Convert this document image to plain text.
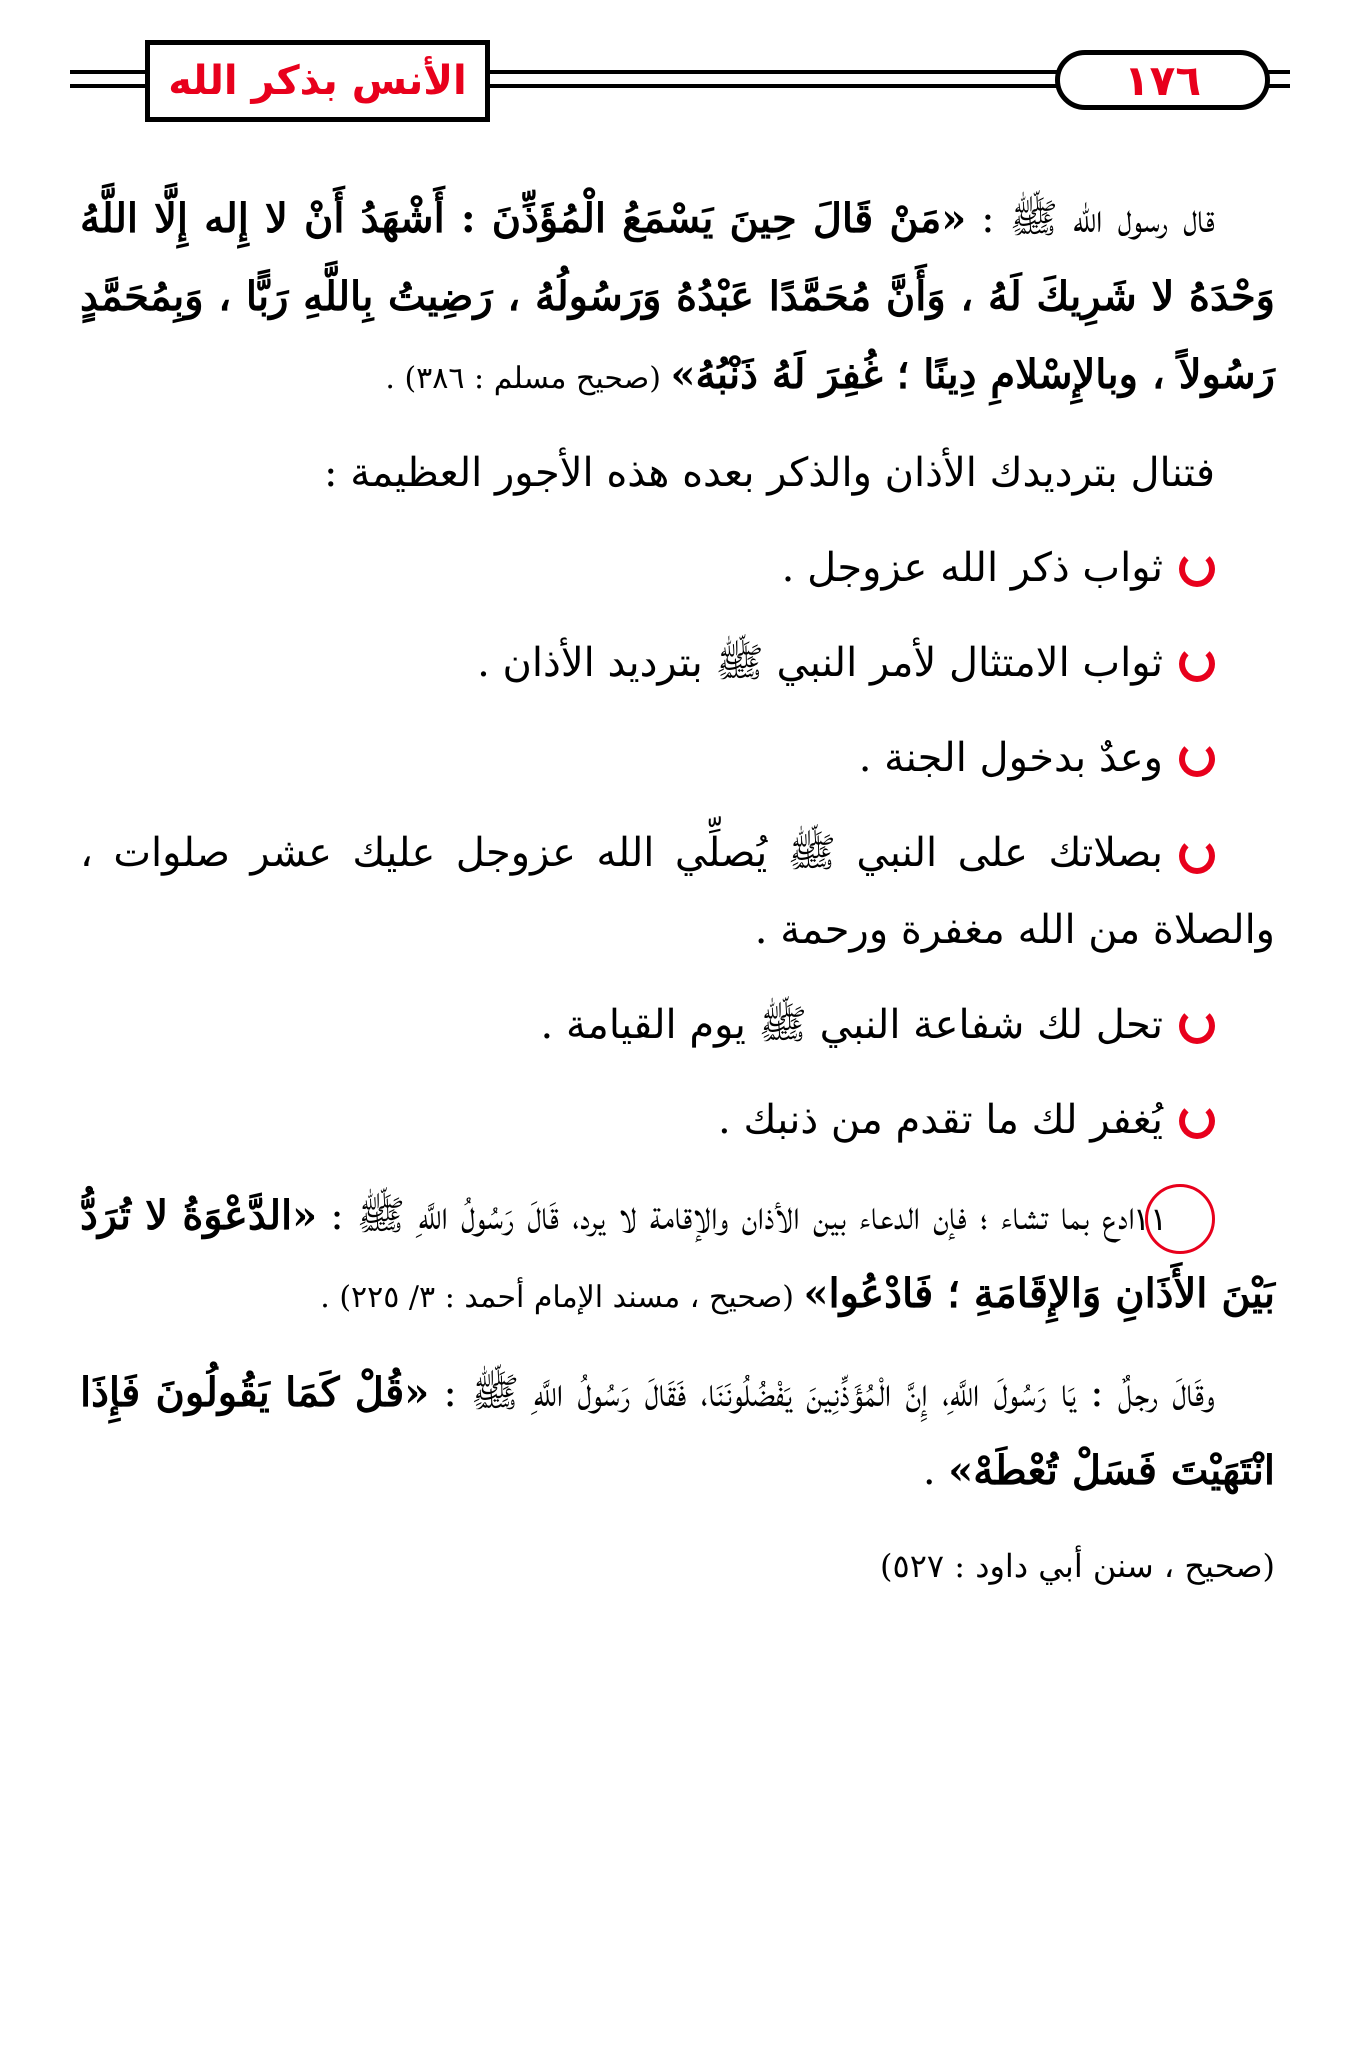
الأنس بذكر الله	١٧٦

قال رسول الله ﷺ : «مَنْ قَالَ حِينَ يَسْمَعُ الْمُؤَذِّنَ : أَشْهَدُ أَنْ لا إِله إِلَّا اللَّهُ وَحْدَهُ لا شَرِيكَ لَهُ ، وَأَنَّ مُحَمَّدًا عَبْدُهُ وَرَسُولُهُ ، رَضِيتُ بِاللَّهِ رَبًّا ، وَبِمُحَمَّدٍ رَسُولاً ، وبالإِسْلامِ دِينًا ؛ غُفِرَ لَهُ ذَنْبُهُ» (صحيح مسلم : ٣٨٦) .

فتنال بترديدك الأذان والذكر بعده هذه الأجور العظيمة :

ثواب ذكر الله عزوجل .
ثواب الامتثال لأمر النبي ﷺ بترديد الأذان .
وعدٌ بدخول الجنة .

بصلاتك على النبي ﷺ يُصلِّي الله عزوجل عليك عشر صلوات ، والصلاة من الله مغفرة ورحمة .

تحل لك شفاعة النبي ﷺ يوم القيامة .
يُغفر لك ما تقدم من ذنبك .

١١ادع بما تشاء ؛ فإن الدعاء بين الأذان والإقامة لا يرد، قَالَ رَسُولُ اللَّهِ ﷺ : «الدَّعْوَةُ لا تُرَدُّ بَيْنَ الأَذَانِ وَالإِقَامَةِ ؛ فَادْعُوا» (صحيح ، مسند الإمام أحمد : ٣/ ٢٢٥) .

وقَالَ رجلٌ : يَا رَسُولَ اللَّهِ، إِنَّ الْمُؤَذِّنِينَ يَفْضُلُونَنَا، فَقَالَ رَسُولُ اللَّهِ ﷺ : «قُلْ كَمَا يَقُولُونَ فَإِذَا انْتَهَيْتَ فَسَلْ تُعْطَهْ» .

(صحيح ، سنن أبي داود : ٥٢٧)
